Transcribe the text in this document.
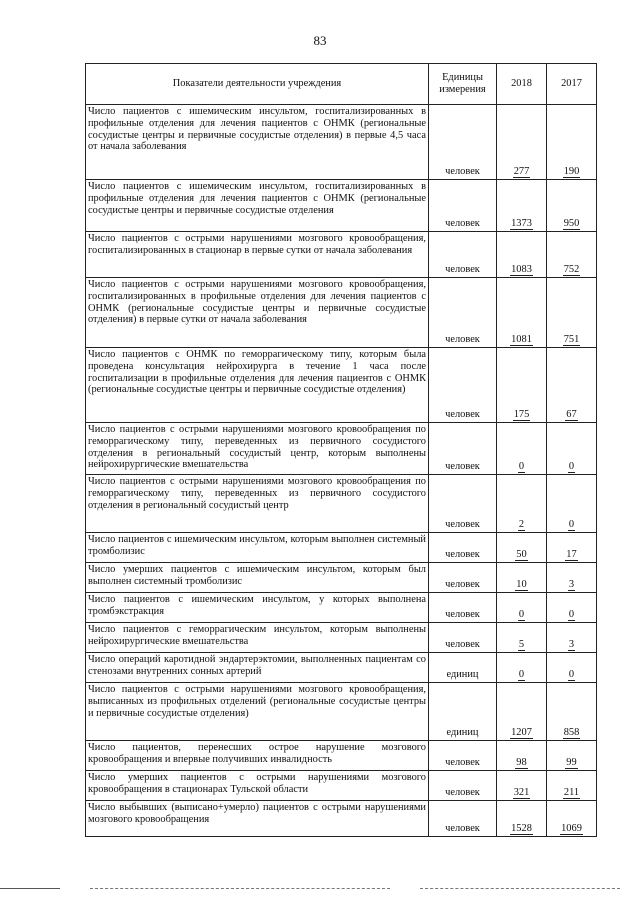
83
Показатели деятельности учреждения	Единицы измерения	2018	2017
Число пациентов с ишемическим инсультом, госпитализированных в профильные отделения для лечения пациентов с ОНМК (региональные сосудистые центры и первичные сосудистые отделения) в первые 4,5 часа от начала заболевания	человек	277	190
Число пациентов с ишемическим инсультом, госпитализированных в профильные отделения для лечения пациентов с ОНМК (региональные сосудистые центры и первичные сосудистые отделения	человек	1373	950
Число пациентов с острыми нарушениями мозгового кровообращения, госпитализированных в стационар в первые сутки от начала заболевания	человек	1083	752
Число пациентов с острыми нарушениями мозгового кровообращения, госпитализированных в профильные отделения для лечения пациентов с ОНМК (региональные сосудистые центры и первичные сосудистые отделения) в первые сутки от начала заболевания	человек	1081	751
Число пациентов с ОНМК по геморрагическому типу, которым была проведена консультация нейрохирурга в течение 1 часа после госпитализации в профильные отделения для лечения пациентов с ОНМК (региональные сосудистые центры и первичные сосудистые отделения)	человек	175	67
Число пациентов с острыми нарушениями мозгового кровообращения по геморрагическому типу, переведенных из первичного сосудистого отделения в региональный сосудистый центр, которым выполнены нейрохирургические вмешательства	человек	0	0
Число пациентов с острыми нарушениями мозгового кровообращения по геморрагическому типу, переведенных из первичного сосудистого отделения в региональный сосудистый центр	человек	2	0
Число пациентов с ишемическим инсультом, которым выполнен системный тромболизис	человек	50	17
Число умерших пациентов с ишемическим инсультом, которым был выполнен системный тромболизис	человек	10	3
Число пациентов с ишемическим инсультом, у которых выполнена тромбэкстракция	человек	0	0
Число пациентов с геморрагическим инсультом, которым выполнены нейрохирургические вмешательства	человек	5	3
Число операций каротидной эндартерэктомии, выполненных пациентам со стенозами внутренних сонных артерий	единиц	0	0
Число пациентов с острыми нарушениями мозгового кровообращения, выписанных из профильных отделений (региональные сосудистые центры и первичные сосудистые отделения)	единиц	1207	858
Число пациентов, перенесших острое нарушение мозгового кровообращения и впервые получивших инвалидность	человек	98	99
Число умерших пациентов с острыми нарушениями мозгового кровообращения в стационарах Тульской области	человек	321	211
Число выбывших (выписано+умерло) пациентов с острыми нарушениями мозгового кровообращения	человек	1528	1069
